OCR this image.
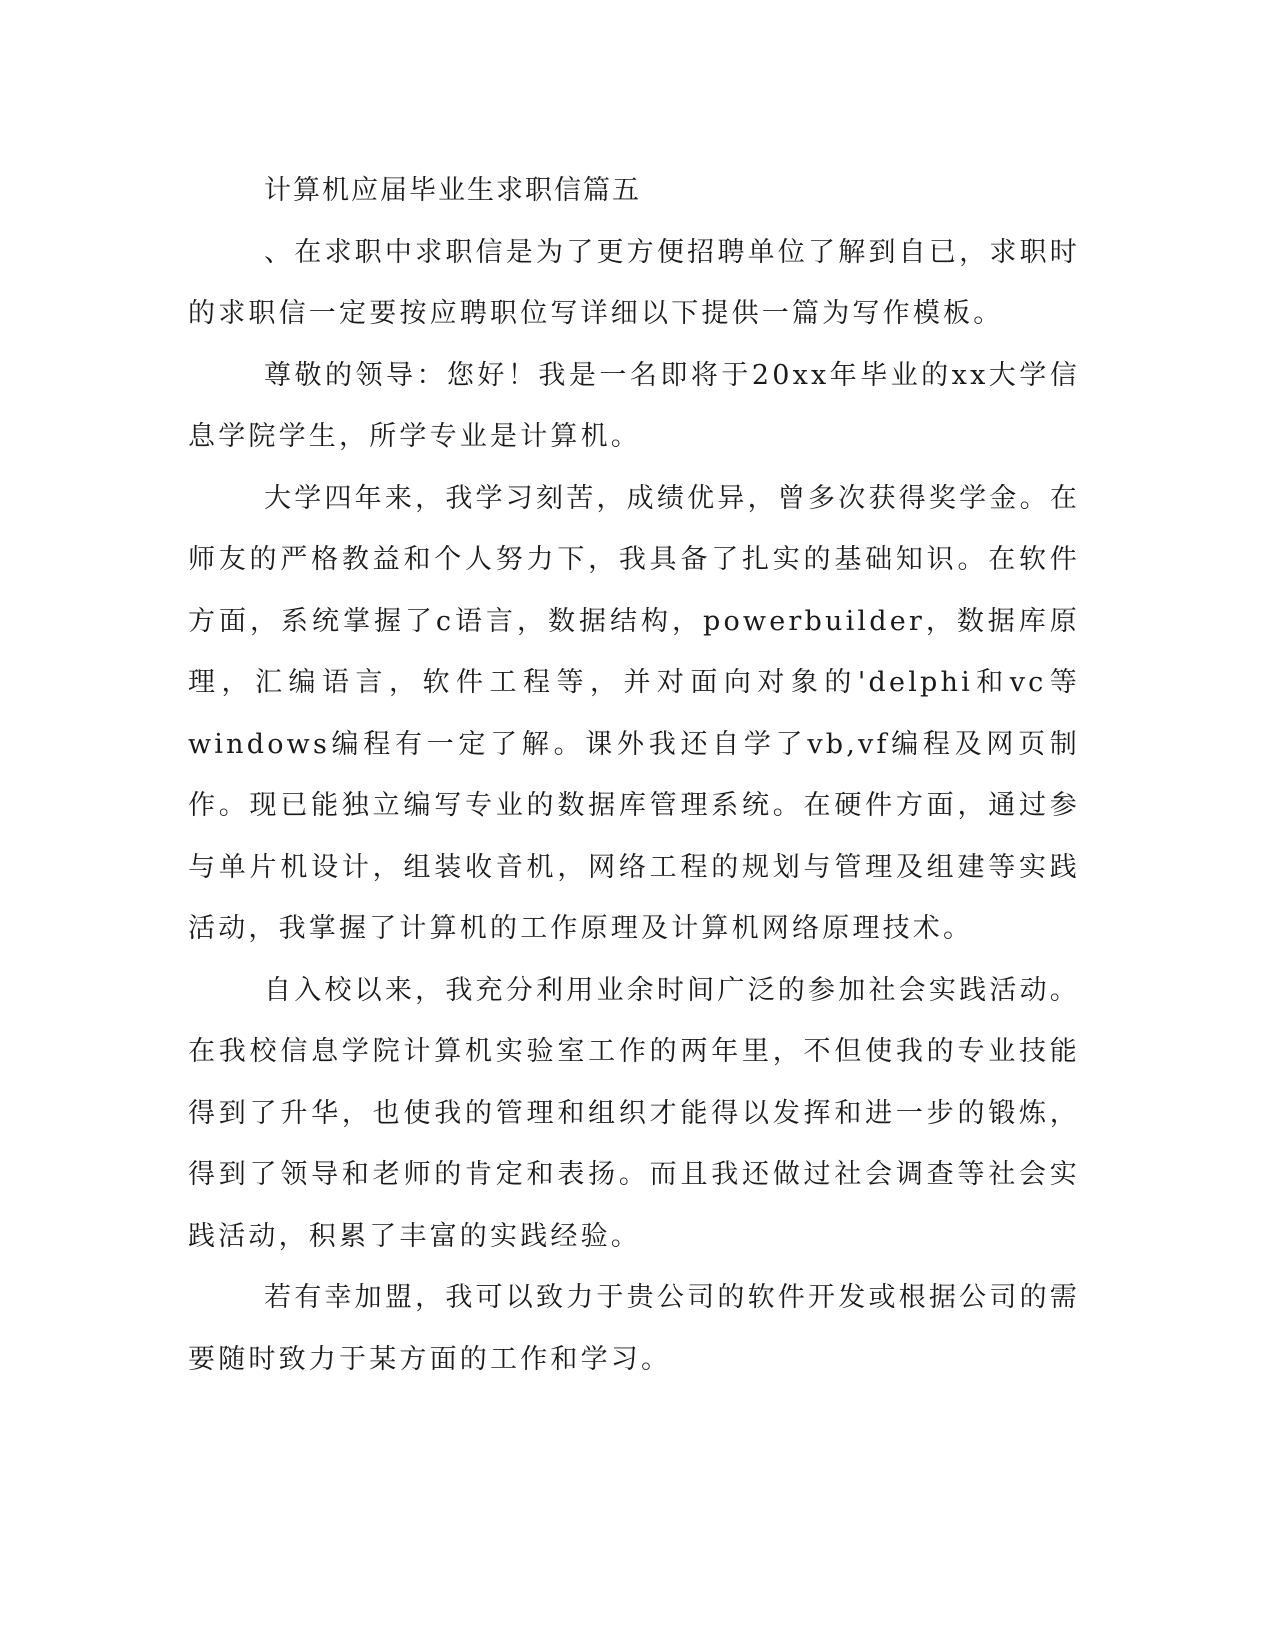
计算机应届毕业生求职信篇五

、在求职中求职信是为了更方便招聘单位了解到自已，求职时的求职信一定要按应聘职位写详细以下提供一篇为写作模板。

尊敬的领导：您好！我是一名即将于20xx年毕业的xx大学信息学院学生，所学专业是计算机。

大学四年来，我学习刻苦，成绩优异，曾多次获得奖学金。在师友的严格教益和个人努力下，我具备了扎实的基础知识。在软件方面，系统掌握了c语言，数据结构，powerbuilder，数据库原理，汇编语言，软件工程等，并对面向对象的'delphi和vc等windows编程有一定了解。课外我还自学了vb,vf编程及网页制作。现已能独立编写专业的数据库管理系统。在硬件方面，通过参与单片机设计，组装收音机，网络工程的规划与管理及组建等实践活动，我掌握了计算机的工作原理及计算机网络原理技术。

自入校以来，我充分利用业余时间广泛的参加社会实践活动。在我校信息学院计算机实验室工作的两年里，不但使我的专业技能得到了升华，也使我的管理和组织才能得以发挥和进一步的锻炼，得到了领导和老师的肯定和表扬。而且我还做过社会调查等社会实践活动，积累了丰富的实践经验。

若有幸加盟，我可以致力于贵公司的软件开发或根据公司的需要随时致力于某方面的工作和学习。
